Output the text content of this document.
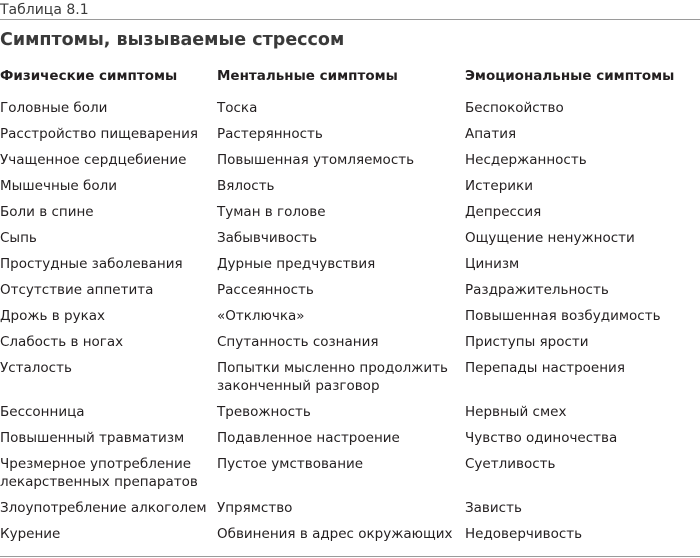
Таблица 8.1
Симптомы, вызываемые стрессом
Физические симптомы	Ментальные симптомы	Эмоциональные симптомы
Головные боли	Тоска	Беспокойство
Расстройство пищеварения	Растерянность	Апатия
Учащенное сердцебиение	Повышенная утомляемость	Несдержанность
Мышечные боли	Вялость	Истерики
Боли в спине	Туман в голове	Депрессия
Сыпь	Забывчивость	Ощущение ненужности
Простудные заболевания	Дурные предчувствия	Цинизм
Отсутствие аппетита	Рассеянность	Раздражительность
Дрожь в руках	«Отключка»	Повышенная возбудимость
Слабость в ногах	Спутанность сознания	Приступы ярости
Усталость	Попытки мысленно продолжить законченный разговор	Перепады настроения
Бессонница	Тревожность	Нервный смех
Повышенный травматизм	Подавленное настроение	Чувство одиночества
Чрезмерное употребление лекарственных препаратов	Пустое умствование	Суетливость
Злоупотребление алкоголем	Упрямство	Зависть
Курение	Обвинения в адрес окружающих	Недоверчивость
